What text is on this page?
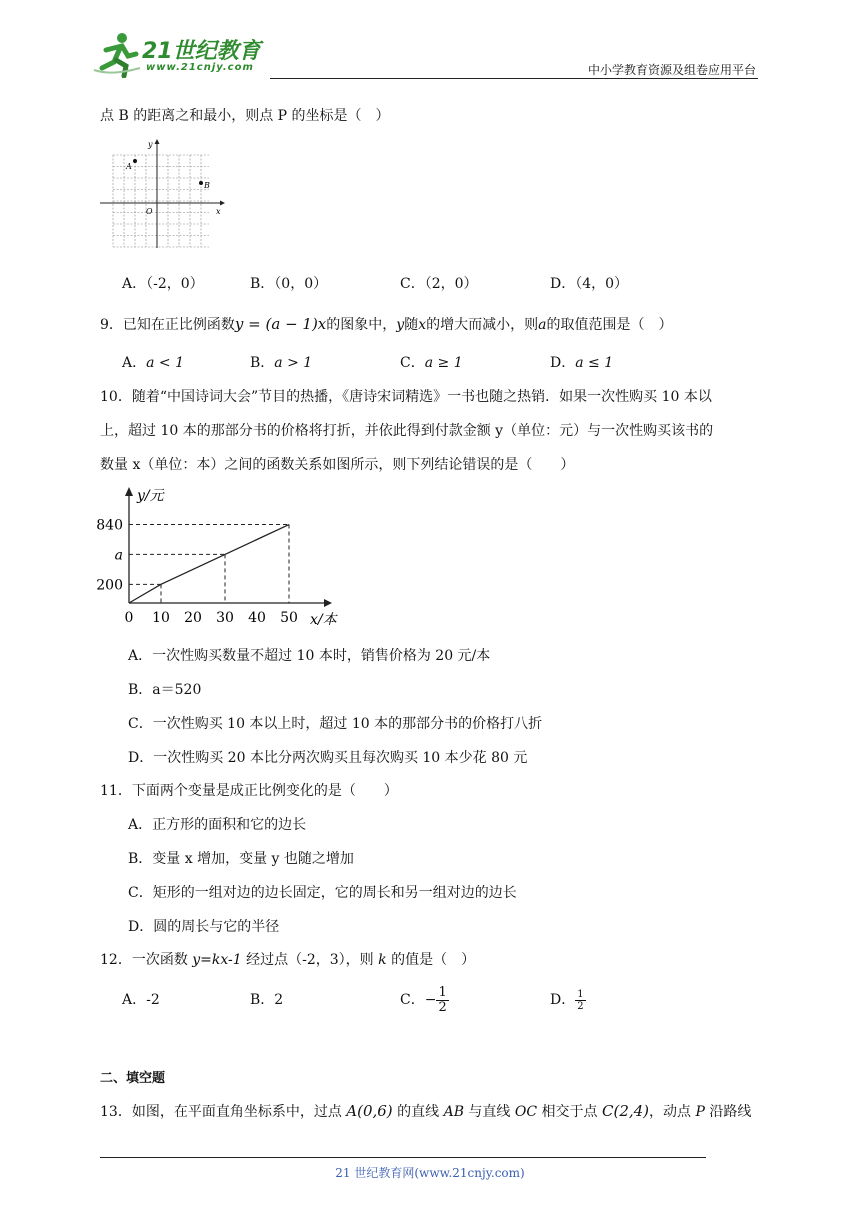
21世纪教育
www.21cnjy.com	中小学教育资源及组卷应用平台
点 B 的距离之和最小，则点 P 的坐标是（　）
y
x
O
A
B
A．（-2，0）	B．（0，0）	C．（2，0）	D．（4，0）
9．已知在正比例函数y = (a − 1)x的图象中，y随x的增大而减小，则a的取值范围是（　）
A．a < 1	B．a > 1	C．a ≥ 1	D．a ≤ 1
10．随着“中国诗词大会”节目的热播，《唐诗宋词精选》一书也随之热销．如果一次性购买 10 本以
上，超过 10 本的那部分书的价格将打折，并依此得到付款金额 y（单位：元）与一次性购买该书的
数量 x（单位：本）之间的函数关系如图所示，则下列结论错误的是（　　）
0 10 20 30 40 50
200
a
840
y/元
x/本
A．一次性购买数量不超过 10 本时，销售价格为 20 元/本
B．a＝520
C．一次性购买 10 本以上时，超过 10 本的那部分书的价格打八折
D．一次性购买 20 本比分两次购买且每次购买 10 本少花 80 元
11．下面两个变量是成正比例变化的是（　　）
A．正方形的面积和它的边长
B．变量 x 增加，变量 y 也随之增加
C．矩形的一组对边的边长固定，它的周长和另一组对边的边长
D．圆的周长与它的半径
12．一次函数 y=kx-1 经过点（-2，3），则 k 的值是（　）
A．-2	B．2	C．− $\frac{1}{2}$	D． $\frac{1}{2}$
二、填空题
13．如图，在平面直角坐标系中，过点 A(0,6) 的直线 AB 与直线 OC 相交于点 C(2,4)，动点 P 沿路线
21 世纪教育网(www.21cnjy.com)
